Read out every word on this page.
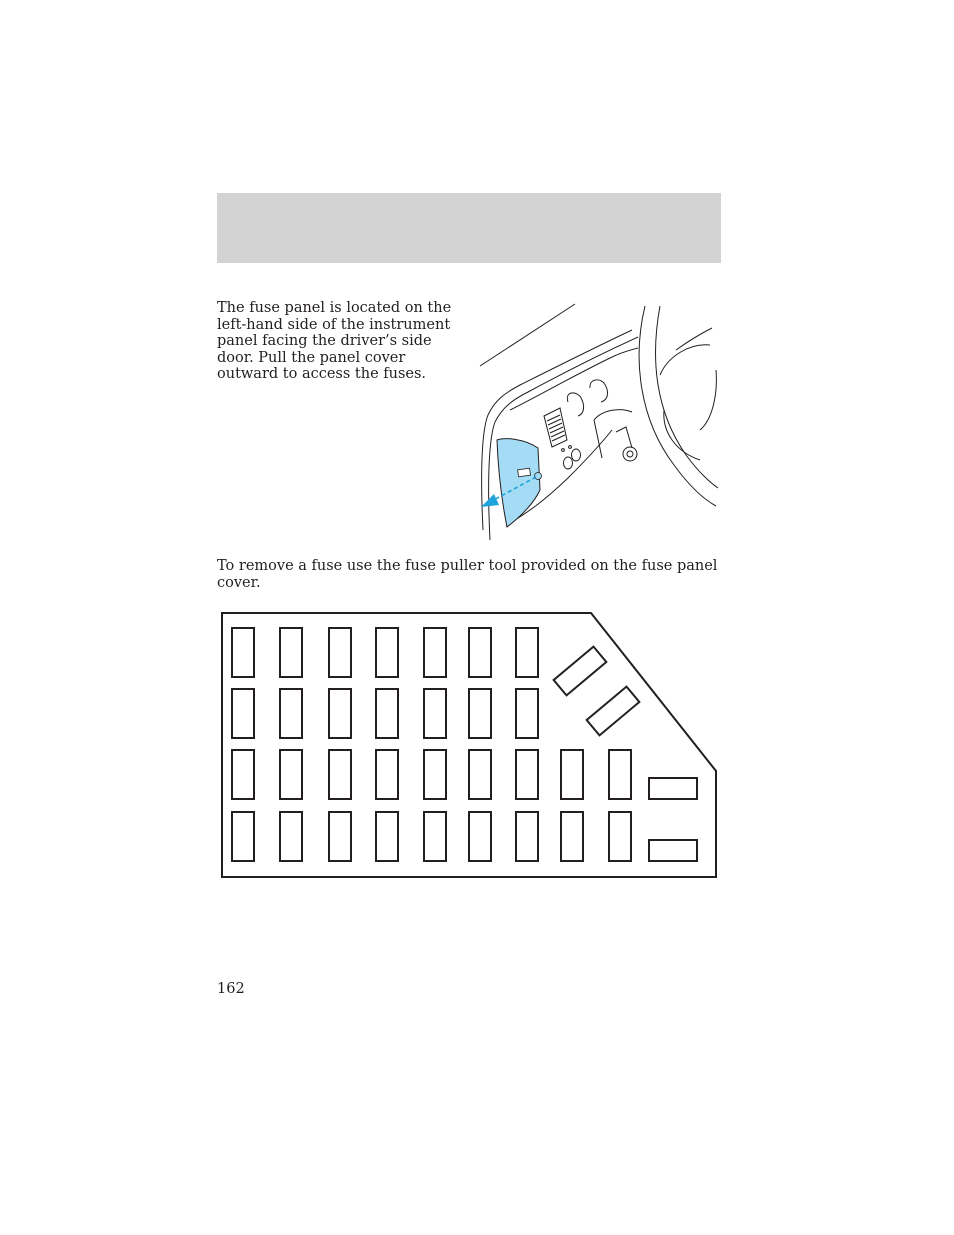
The fuse panel is located on the left-hand side of the instrument panel facing the driver’s side door. Pull the panel cover outward to access the fuses.

To remove a fuse use the fuse puller tool provided on the fuse panel cover.

162
